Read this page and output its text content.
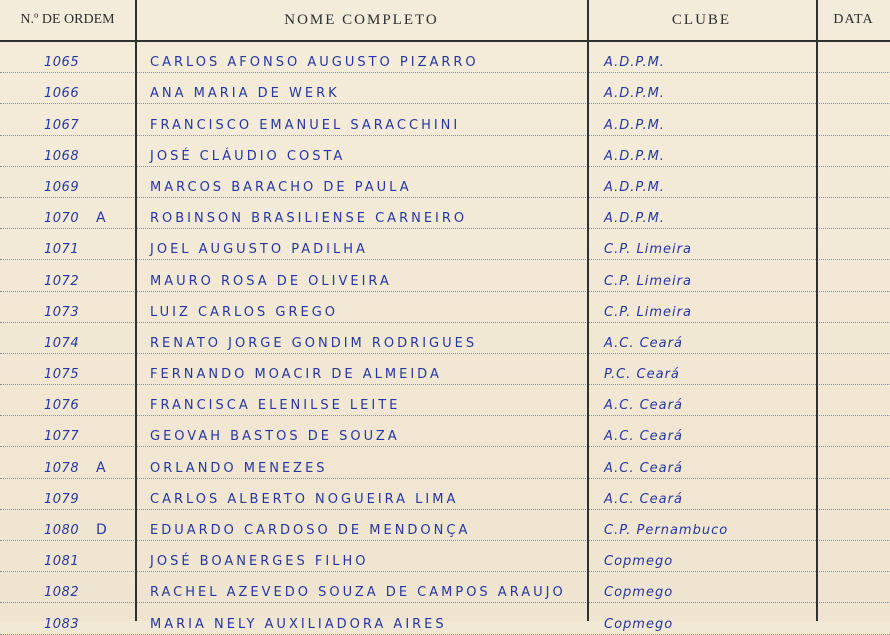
N.º DE ORDEM	NOME COMPLETO	CLUBE	DATA
1065	CARLOS AFONSO AUGUSTO PIZARRO	A.D.P.M.
1066	ANA MARIA DE WERK	A.D.P.M.
1067	FRANCISCO EMANUEL SARACCHINI	A.D.P.M.
1068	JOSÉ CLÁUDIO COSTA	A.D.P.M.
1069	MARCOS BARACHO DE PAULA	A.D.P.M.
1070 A	ROBINSON BRASILIENSE CARNEIRO	A.D.P.M.
1071	JOEL AUGUSTO PADILHA	C.P. Limeira
1072	MAURO ROSA DE OLIVEIRA	C.P. Limeira
1073	LUIZ CARLOS GREGO	C.P. Limeira
1074	RENATO JORGE GONDIM RODRIGUES	A.C. Ceará
1075	FERNANDO MOACIR DE ALMEIDA	P.C. Ceará
1076	FRANCISCA ELENILSE LEITE	A.C. Ceará
1077	GEOVAH BASTOS DE SOUZA	A.C. Ceará
1078 A	ORLANDO MENEZES	A.C. Ceará
1079	CARLOS ALBERTO NOGUEIRA LIMA	A.C. Ceará
1080 D	EDUARDO CARDOSO DE MENDONÇA	C.P. Pernambuco
1081	JOSÉ BOANERGES FILHO	Copmego
1082	RACHEL AZEVEDO SOUZA DE CAMPOS ARAUJO	Copmego
1083	MARIA NELY AUXILIADORA AIRES	Copmego
